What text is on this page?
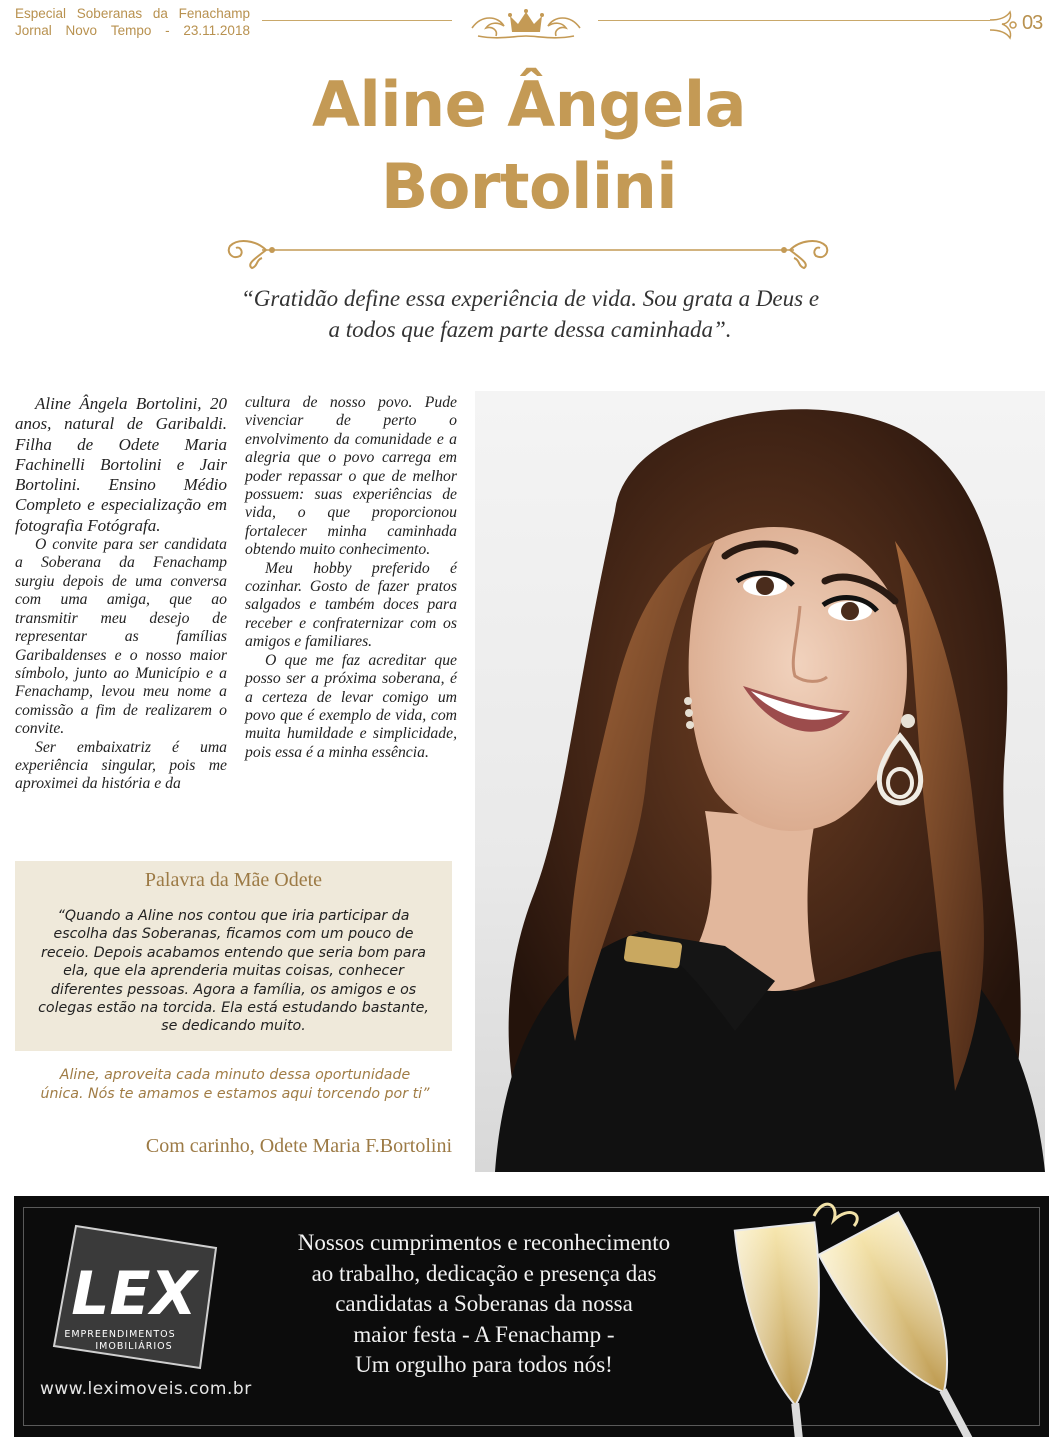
Especial Soberanas da Fenachamp
Jornal Novo Tempo - 23.11.2018	03
Aline Ângela
Bortolini
“Gratidão define essa experiência de vida. Sou grata a Deus e
a todos que fazem parte dessa caminhada”.

Aline Ângela Bortolini, 20 anos, natural de Garibaldi. Filha de Odete Maria Fachinelli Bortolini e Jair Bortolini. Ensino Médio Completo e especialização em fotografia Fotógrafa.

O convite para ser candidata a Soberana da Fenachamp surgiu depois de uma conversa com uma amiga, que ao transmitir meu desejo de representar as famílias Garibaldenses e o nosso maior símbolo, junto ao Município e a Fenachamp, levou meu nome a comissão a fim de realizarem o convite.

Ser embaixatriz é uma experiência singular, pois me aproximei da história e da

cultura de nosso povo. Pude vivenciar de perto o envolvimento da comunidade e a alegria que o povo carrega em poder repassar o que de melhor possuem: suas experiências de vida, o que proporcionou fortalecer minha caminhada obtendo muito conhecimento.

Meu hobby preferido é cozinhar. Gosto de fazer pratos salgados e também doces para receber e confraternizar com os amigos e familiares.

O que me faz acreditar que posso ser a próxima soberana, é a certeza de levar comigo um povo que é exemplo de vida, com muita humildade e simplicidade, pois essa é a minha essência.

Palavra da Mãe Odete
“Quando a Aline nos contou que iria participar da escolha das Soberanas, ficamos com um pouco de receio. Depois acabamos entendo que seria bom para ela, que ela aprenderia muitas coisas, conhecer diferentes pessoas. Agora a família, os amigos e os colegas estão na torcida. Ela está estudando bastante, se dedicando muito.
Aline, aproveita cada minuto dessa oportunidade única. Nós te amamos e estamos aqui torcendo por ti”
Com carinho, Odete Maria F.Bortolini
LEX
EMPREENDIMENTOS
IMOBILIÁRIOS
www.leximoveis.com.br
Nossos cumprimentos e reconhecimento
ao trabalho, dedicação e presença das
candidatas a Soberanas da nossa
maior festa - A Fenachamp -
Um orgulho para todos nós!
